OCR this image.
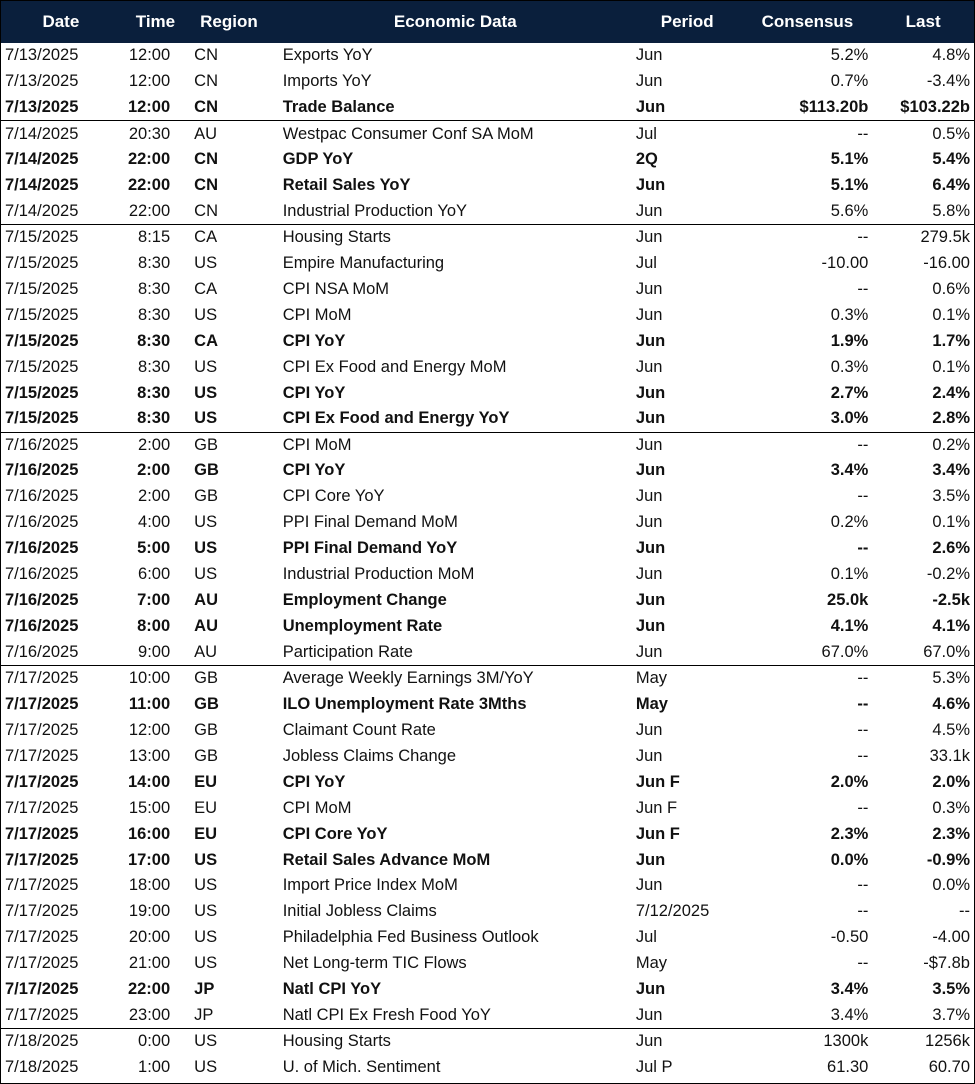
Date	Time	Region	Economic Data	Period	Consensus	Last
7/13/2025	12:00	CN	Exports YoY	Jun	5.2%	4.8%
7/13/2025	12:00	CN	Imports YoY	Jun	0.7%	-3.4%
7/13/2025	12:00	CN	Trade Balance	Jun	$113.20b	$103.22b
7/14/2025	20:30	AU	Westpac Consumer Conf SA MoM	Jul	--	0.5%
7/14/2025	22:00	CN	GDP YoY	2Q	5.1%	5.4%
7/14/2025	22:00	CN	Retail Sales YoY	Jun	5.1%	6.4%
7/14/2025	22:00	CN	Industrial Production YoY	Jun	5.6%	5.8%
7/15/2025	8:15	CA	Housing Starts	Jun	--	279.5k
7/15/2025	8:30	US	Empire Manufacturing	Jul	-10.00	-16.00
7/15/2025	8:30	CA	CPI NSA MoM	Jun	--	0.6%
7/15/2025	8:30	US	CPI MoM	Jun	0.3%	0.1%
7/15/2025	8:30	CA	CPI YoY	Jun	1.9%	1.7%
7/15/2025	8:30	US	CPI Ex Food and Energy MoM	Jun	0.3%	0.1%
7/15/2025	8:30	US	CPI YoY	Jun	2.7%	2.4%
7/15/2025	8:30	US	CPI Ex Food and Energy YoY	Jun	3.0%	2.8%
7/16/2025	2:00	GB	CPI MoM	Jun	--	0.2%
7/16/2025	2:00	GB	CPI YoY	Jun	3.4%	3.4%
7/16/2025	2:00	GB	CPI Core YoY	Jun	--	3.5%
7/16/2025	4:00	US	PPI Final Demand MoM	Jun	0.2%	0.1%
7/16/2025	5:00	US	PPI Final Demand YoY	Jun	--	2.6%
7/16/2025	6:00	US	Industrial Production MoM	Jun	0.1%	-0.2%
7/16/2025	7:00	AU	Employment Change	Jun	25.0k	-2.5k
7/16/2025	8:00	AU	Unemployment Rate	Jun	4.1%	4.1%
7/16/2025	9:00	AU	Participation Rate	Jun	67.0%	67.0%
7/17/2025	10:00	GB	Average Weekly Earnings 3M/YoY	May	--	5.3%
7/17/2025	11:00	GB	ILO Unemployment Rate 3Mths	May	--	4.6%
7/17/2025	12:00	GB	Claimant Count Rate	Jun	--	4.5%
7/17/2025	13:00	GB	Jobless Claims Change	Jun	--	33.1k
7/17/2025	14:00	EU	CPI YoY	Jun F	2.0%	2.0%
7/17/2025	15:00	EU	CPI MoM	Jun F	--	0.3%
7/17/2025	16:00	EU	CPI Core YoY	Jun F	2.3%	2.3%
7/17/2025	17:00	US	Retail Sales Advance MoM	Jun	0.0%	-0.9%
7/17/2025	18:00	US	Import Price Index MoM	Jun	--	0.0%
7/17/2025	19:00	US	Initial Jobless Claims	7/12/2025	--	--
7/17/2025	20:00	US	Philadelphia Fed Business Outlook	Jul	-0.50	-4.00
7/17/2025	21:00	US	Net Long-term TIC Flows	May	--	-$7.8b
7/17/2025	22:00	JP	Natl CPI YoY	Jun	3.4%	3.5%
7/17/2025	23:00	JP	Natl CPI Ex Fresh Food YoY	Jun	3.4%	3.7%
7/18/2025	0:00	US	Housing Starts	Jun	1300k	1256k
7/18/2025	1:00	US	U. of Mich. Sentiment	Jul P	61.30	60.70
